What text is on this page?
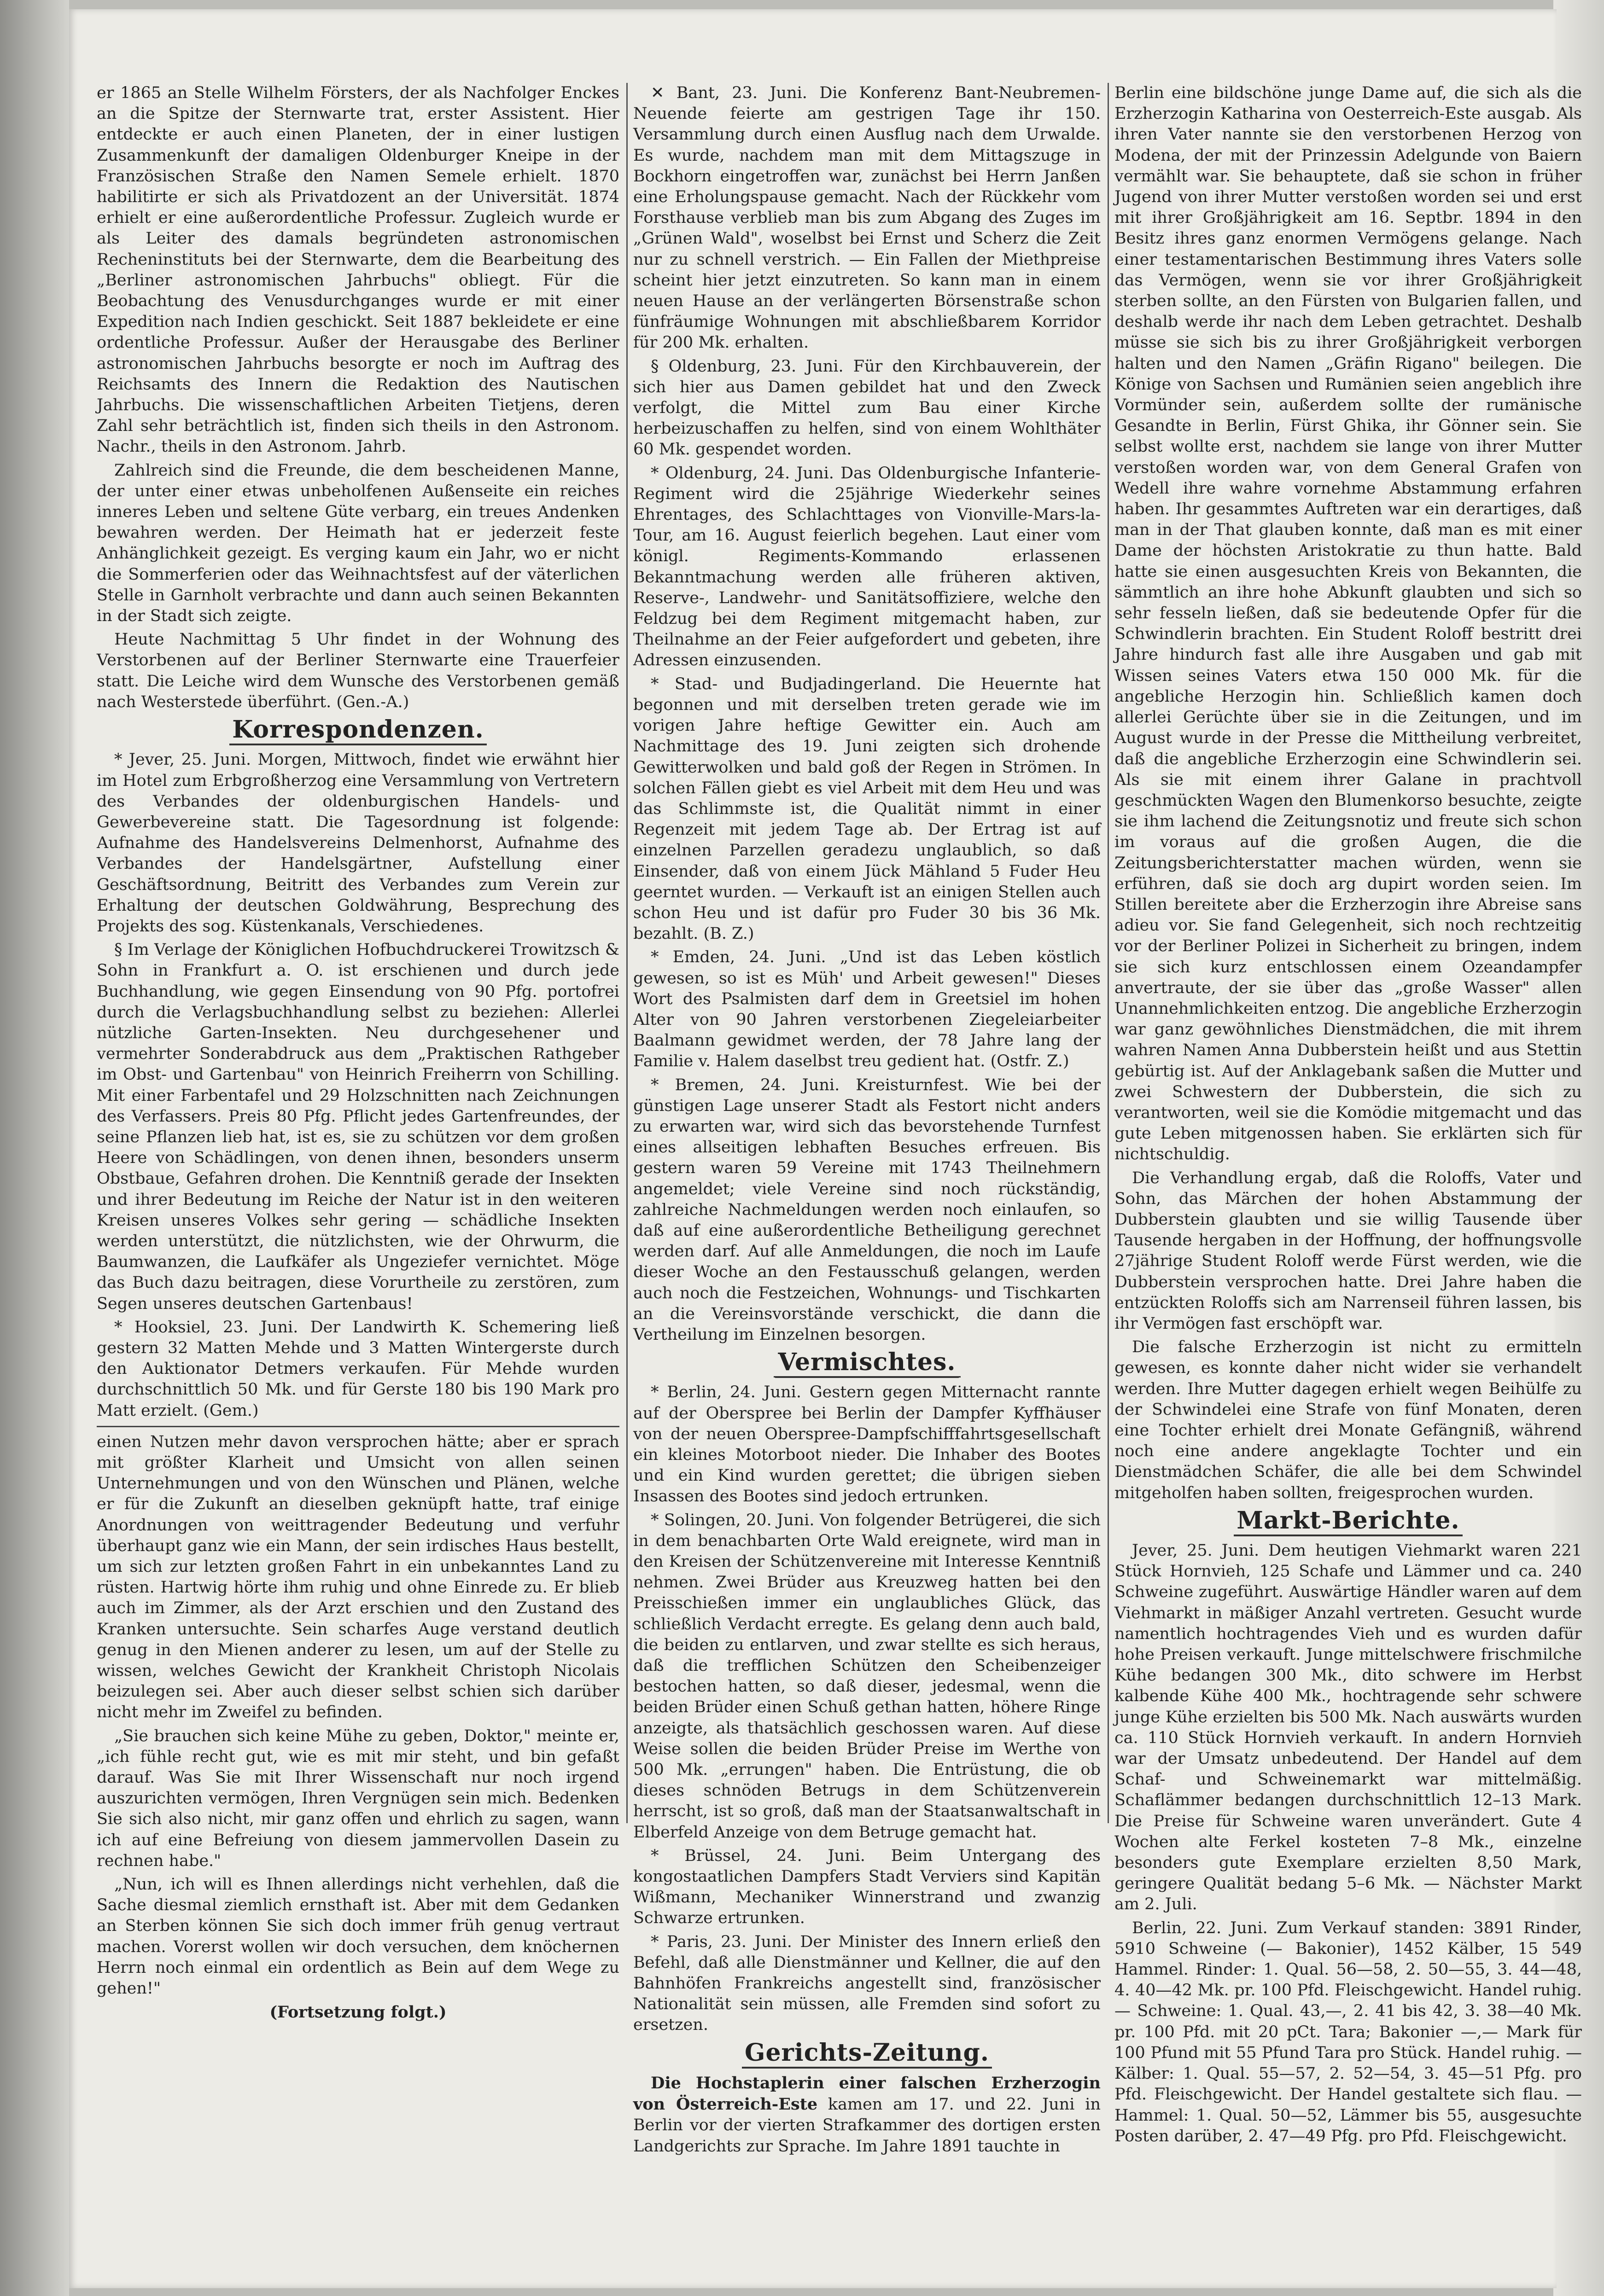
er 1865 an Stelle Wilhelm Försters, der als Nachfolger Enckes an die Spitze der Sternwarte trat, erster Assistent. Hier entdeckte er auch einen Planeten, der in einer lustigen Zusammenkunft der damaligen Oldenburger Kneipe in der Französischen Straße den Namen Semele erhielt. 1870 habilitirte er sich als Privatdozent an der Universität. 1874 erhielt er eine außerordentliche Professur. Zugleich wurde er als Leiter des damals begründeten astronomischen Recheninstituts bei der Sternwarte, dem die Bearbeitung des „Berliner astronomischen Jahrbuchs" obliegt. Für die Beobachtung des Venusdurchganges wurde er mit einer Expedition nach Indien geschickt. Seit 1887 bekleidete er eine ordentliche Professur. Außer der Herausgabe des Berliner astronomischen Jahrbuchs besorgte er noch im Auftrag des Reichsamts des Innern die Redaktion des Nautischen Jahrbuchs. Die wissenschaftlichen Arbeiten Tietjens, deren Zahl sehr beträchtlich ist, finden sich theils in den Astronom. Nachr., theils in den Astronom. Jahrb.

Zahlreich sind die Freunde, die dem bescheidenen Manne, der unter einer etwas unbeholfenen Außenseite ein reiches inneres Leben und seltene Güte verbarg, ein treues Andenken bewahren werden. Der Heimath hat er jederzeit feste Anhänglichkeit gezeigt. Es verging kaum ein Jahr, wo er nicht die Sommerferien oder das Weihnachtsfest auf der väterlichen Stelle in Garnholt verbrachte und dann auch seinen Bekannten in der Stadt sich zeigte.

Heute Nachmittag 5 Uhr findet in der Wohnung des Verstorbenen auf der Berliner Sternwarte eine Trauerfeier statt. Die Leiche wird dem Wunsche des Verstorbenen gemäß nach Westerstede überführt. (Gen.-A.)

Korrespondenzen.

* Jever, 25. Juni. Morgen, Mittwoch, findet wie erwähnt hier im Hotel zum Erbgroßherzog eine Versammlung von Vertretern des Verbandes der oldenburgischen Handels- und Gewerbevereine statt. Die Tagesordnung ist folgende: Aufnahme des Handelsvereins Delmenhorst, Aufnahme des Verbandes der Handelsgärtner, Aufstellung einer Geschäftsordnung, Beitritt des Verbandes zum Verein zur Erhaltung der deutschen Goldwährung, Besprechung des Projekts des sog. Küstenkanals, Verschiedenes.

§ Im Verlage der Königlichen Hofbuchdruckerei Trowitzsch & Sohn in Frankfurt a. O. ist erschienen und durch jede Buchhandlung, wie gegen Einsendung von 90 Pfg. portofrei durch die Verlagsbuchhandlung selbst zu beziehen: Allerlei nützliche Garten-Insekten. Neu durchgesehener und vermehrter Sonderabdruck aus dem „Praktischen Rathgeber im Obst- und Gartenbau" von Heinrich Freiherrn von Schilling. Mit einer Farbentafel und 29 Holzschnitten nach Zeichnungen des Verfassers. Preis 80 Pfg. Pflicht jedes Gartenfreundes, der seine Pflanzen lieb hat, ist es, sie zu schützen vor dem großen Heere von Schädlingen, von denen ihnen, besonders unserm Obstbaue, Gefahren drohen. Die Kenntniß gerade der Insekten und ihrer Bedeutung im Reiche der Natur ist in den weiteren Kreisen unseres Volkes sehr gering — schädliche Insekten werden unterstützt, die nützlichsten, wie der Ohrwurm, die Baumwanzen, die Laufkäfer als Ungeziefer vernichtet. Möge das Buch dazu beitragen, diese Vorurtheile zu zerstören, zum Segen unseres deutschen Gartenbaus!

* Hooksiel, 23. Juni. Der Landwirth K. Schemering ließ gestern 32 Matten Mehde und 3 Matten Wintergerste durch den Auktionator Detmers verkaufen. Für Mehde wurden durchschnittlich 50 Mk. und für Gerste 180 bis 190 Mark pro Matt erzielt. (Gem.)

einen Nutzen mehr davon versprochen hätte; aber er sprach mit größter Klarheit und Umsicht von allen seinen Unternehmungen und von den Wünschen und Plänen, welche er für die Zukunft an dieselben geknüpft hatte, traf einige Anordnungen von weittragender Bedeutung und verfuhr überhaupt ganz wie ein Mann, der sein irdisches Haus bestellt, um sich zur letzten großen Fahrt in ein unbekanntes Land zu rüsten. Hartwig hörte ihm ruhig und ohne Einrede zu. Er blieb auch im Zimmer, als der Arzt erschien und den Zustand des Kranken untersuchte. Sein scharfes Auge verstand deutlich genug in den Mienen anderer zu lesen, um auf der Stelle zu wissen, welches Gewicht der Krankheit Christoph Nicolais beizulegen sei. Aber auch dieser selbst schien sich darüber nicht mehr im Zweifel zu befinden.

„Sie brauchen sich keine Mühe zu geben, Doktor," meinte er, „ich fühle recht gut, wie es mit mir steht, und bin gefaßt darauf. Was Sie mit Ihrer Wissenschaft nur noch irgend auszurichten vermögen, Ihren Vergnügen sein mich. Bedenken Sie sich also nicht, mir ganz offen und ehrlich zu sagen, wann ich auf eine Befreiung von diesem jammervollen Dasein zu rechnen habe."

„Nun, ich will es Ihnen allerdings nicht verhehlen, daß die Sache diesmal ziemlich ernsthaft ist. Aber mit dem Gedanken an Sterben können Sie sich doch immer früh genug vertraut machen. Vorerst wollen wir doch versuchen, dem knöchernen Herrn noch einmal ein ordentlich as Bein auf dem Wege zu gehen!"

(Fortsetzung folgt.)

✕ Bant, 23. Juni. Die Konferenz Bant-Neubremen-Neuende feierte am gestrigen Tage ihr 150. Versammlung durch einen Ausflug nach dem Urwalde. Es wurde, nachdem man mit dem Mittagszuge in Bockhorn eingetroffen war, zunächst bei Herrn Janßen eine Erholungspause gemacht. Nach der Rückkehr vom Forsthause verblieb man bis zum Abgang des Zuges im „Grünen Wald", woselbst bei Ernst und Scherz die Zeit nur zu schnell verstrich. — Ein Fallen der Miethpreise scheint hier jetzt einzutreten. So kann man in einem neuen Hause an der verlängerten Börsenstraße schon fünfräumige Wohnungen mit abschließbarem Korridor für 200 Mk. erhalten.

§ Oldenburg, 23. Juni. Für den Kirchbauverein, der sich hier aus Damen gebildet hat und den Zweck verfolgt, die Mittel zum Bau einer Kirche herbeizuschaffen zu helfen, sind von einem Wohlthäter 60 Mk. gespendet worden.

* Oldenburg, 24. Juni. Das Oldenburgische Infanterie-Regiment wird die 25jährige Wiederkehr seines Ehrentages, des Schlachttages von Vionville-Mars-la-Tour, am 16. August feierlich begehen. Laut einer vom königl. Regiments-Kommando erlassenen Bekanntmachung werden alle früheren aktiven, Reserve-, Landwehr- und Sanitätsoffiziere, welche den Feldzug bei dem Regiment mitgemacht haben, zur Theilnahme an der Feier aufgefordert und gebeten, ihre Adressen einzusenden.

* Stad- und Budjadingerland. Die Heuernte hat begonnen und mit derselben treten gerade wie im vorigen Jahre heftige Gewitter ein. Auch am Nachmittage des 19. Juni zeigten sich drohende Gewitterwolken und bald goß der Regen in Strömen. In solchen Fällen giebt es viel Arbeit mit dem Heu und was das Schlimmste ist, die Qualität nimmt in einer Regenzeit mit jedem Tage ab. Der Ertrag ist auf einzelnen Parzellen geradezu unglaublich, so daß Einsender, daß von einem Jück Mähland 5 Fuder Heu geerntet wurden. — Verkauft ist an einigen Stellen auch schon Heu und ist dafür pro Fuder 30 bis 36 Mk. bezahlt. (B. Z.)

* Emden, 24. Juni. „Und ist das Leben köstlich gewesen, so ist es Müh' und Arbeit gewesen!" Dieses Wort des Psalmisten darf dem in Greetsiel im hohen Alter von 90 Jahren verstorbenen Ziegeleiarbeiter Baalmann gewidmet werden, der 78 Jahre lang der Familie v. Halem daselbst treu gedient hat. (Ostfr. Z.)

* Bremen, 24. Juni. Kreisturnfest. Wie bei der günstigen Lage unserer Stadt als Festort nicht anders zu erwarten war, wird sich das bevorstehende Turnfest eines allseitigen lebhaften Besuches erfreuen. Bis gestern waren 59 Vereine mit 1743 Theilnehmern angemeldet; viele Vereine sind noch rückständig, zahlreiche Nachmeldungen werden noch einlaufen, so daß auf eine außerordentliche Betheiligung gerechnet werden darf. Auf alle Anmeldungen, die noch im Laufe dieser Woche an den Festausschuß gelangen, werden auch noch die Festzeichen, Wohnungs- und Tischkarten an die Vereinsvorstände verschickt, die dann die Vertheilung im Einzelnen besorgen.

Vermischtes.

* Berlin, 24. Juni. Gestern gegen Mitternacht rannte auf der Oberspree bei Berlin der Dampfer Kyffhäuser von der neuen Oberspree-Dampfschifffahrtsgesellschaft ein kleines Motorboot nieder. Die Inhaber des Bootes und ein Kind wurden gerettet; die übrigen sieben Insassen des Bootes sind jedoch ertrunken.

* Solingen, 20. Juni. Von folgender Betrügerei, die sich in dem benachbarten Orte Wald ereignete, wird man in den Kreisen der Schützenvereine mit Interesse Kenntniß nehmen. Zwei Brüder aus Kreuzweg hatten bei den Preisschießen immer ein unglaubliches Glück, das schließlich Verdacht erregte. Es gelang denn auch bald, die beiden zu entlarven, und zwar stellte es sich heraus, daß die trefflichen Schützen den Scheibenzeiger bestochen hatten, so daß dieser, jedesmal, wenn die beiden Brüder einen Schuß gethan hatten, höhere Ringe anzeigte, als thatsächlich geschossen waren. Auf diese Weise sollen die beiden Brüder Preise im Werthe von 500 Mk. „errungen" haben. Die Entrüstung, die ob dieses schnöden Betrugs in dem Schützenverein herrscht, ist so groß, daß man der Staatsanwaltschaft in Elberfeld Anzeige von dem Betruge gemacht hat.

* Brüssel, 24. Juni. Beim Untergang des kongostaatlichen Dampfers Stadt Verviers sind Kapitän Wißmann, Mechaniker Winnerstrand und zwanzig Schwarze ertrunken.

* Paris, 23. Juni. Der Minister des Innern erließ den Befehl, daß alle Dienstmänner und Kellner, die auf den Bahnhöfen Frankreichs angestellt sind, französischer Nationalität sein müssen, alle Fremden sind sofort zu ersetzen.

Gerichts-Zeitung.

Die Hochstaplerin einer falschen Erzherzogin von Österreich-Este kamen am 17. und 22. Juni in Berlin vor der vierten Strafkammer des dortigen ersten Landgerichts zur Sprache. Im Jahre 1891 tauchte in

Berlin eine bildschöne junge Dame auf, die sich als die Erzherzogin Katharina von Oesterreich-Este ausgab. Als ihren Vater nannte sie den verstorbenen Herzog von Modena, der mit der Prinzessin Adelgunde von Baiern vermählt war. Sie behauptete, daß sie schon in früher Jugend von ihrer Mutter verstoßen worden sei und erst mit ihrer Großjährigkeit am 16. Septbr. 1894 in den Besitz ihres ganz enormen Vermögens gelange. Nach einer testamentarischen Bestimmung ihres Vaters solle das Vermögen, wenn sie vor ihrer Großjährigkeit sterben sollte, an den Fürsten von Bulgarien fallen, und deshalb werde ihr nach dem Leben getrachtet. Deshalb müsse sie sich bis zu ihrer Großjährigkeit verborgen halten und den Namen „Gräfin Rigano" beilegen. Die Könige von Sachsen und Rumänien seien angeblich ihre Vormünder sein, außerdem sollte der rumänische Gesandte in Berlin, Fürst Ghika, ihr Gönner sein. Sie selbst wollte erst, nachdem sie lange von ihrer Mutter verstoßen worden war, von dem General Grafen von Wedell ihre wahre vornehme Abstammung erfahren haben. Ihr gesammtes Auftreten war ein derartiges, daß man in der That glauben konnte, daß man es mit einer Dame der höchsten Aristokratie zu thun hatte. Bald hatte sie einen ausgesuchten Kreis von Bekannten, die sämmtlich an ihre hohe Abkunft glaubten und sich so sehr fesseln ließen, daß sie bedeutende Opfer für die Schwindlerin brachten. Ein Student Roloff bestritt drei Jahre hindurch fast alle ihre Ausgaben und gab mit Wissen seines Vaters etwa 150 000 Mk. für die angebliche Herzogin hin. Schließlich kamen doch allerlei Gerüchte über sie in die Zeitungen, und im August wurde in der Presse die Mittheilung verbreitet, daß die angebliche Erzherzogin eine Schwindlerin sei. Als sie mit einem ihrer Galane in prachtvoll geschmückten Wagen den Blumenkorso besuchte, zeigte sie ihm lachend die Zeitungsnotiz und freute sich schon im voraus auf die großen Augen, die die Zeitungsberichterstatter machen würden, wenn sie erführen, daß sie doch arg dupirt worden seien. Im Stillen bereitete aber die Erzherzogin ihre Abreise sans adieu vor. Sie fand Gelegenheit, sich noch rechtzeitig vor der Berliner Polizei in Sicherheit zu bringen, indem sie sich kurz entschlossen einem Ozeandampfer anvertraute, der sie über das „große Wasser" allen Unannehmlichkeiten entzog. Die angebliche Erzherzogin war ganz gewöhnliches Dienstmädchen, die mit ihrem wahren Namen Anna Dubberstein heißt und aus Stettin gebürtig ist. Auf der Anklagebank saßen die Mutter und zwei Schwestern der Dubberstein, die sich zu verantworten, weil sie die Komödie mitgemacht und das gute Leben mitgenossen haben. Sie erklärten sich für nichtschuldig.

Die Verhandlung ergab, daß die Roloffs, Vater und Sohn, das Märchen der hohen Abstammung der Dubberstein glaubten und sie willig Tausende über Tausende hergaben in der Hoffnung, der hoffnungsvolle 27jährige Student Roloff werde Fürst werden, wie die Dubberstein versprochen hatte. Drei Jahre haben die entzückten Roloffs sich am Narrenseil führen lassen, bis ihr Vermögen fast erschöpft war.

Die falsche Erzherzogin ist nicht zu ermitteln gewesen, es konnte daher nicht wider sie verhandelt werden. Ihre Mutter dagegen erhielt wegen Beihülfe zu der Schwindelei eine Strafe von fünf Monaten, deren eine Tochter erhielt drei Monate Gefängniß, während noch eine andere angeklagte Tochter und ein Dienstmädchen Schäfer, die alle bei dem Schwindel mitgeholfen haben sollten, freigesprochen wurden.

Markt-Berichte.

Jever, 25. Juni. Dem heutigen Viehmarkt waren 221 Stück Hornvieh, 125 Schafe und Lämmer und ca. 240 Schweine zugeführt. Auswärtige Händler waren auf dem Viehmarkt in mäßiger Anzahl vertreten. Gesucht wurde namentlich hochtragendes Vieh und es wurden dafür hohe Preisen verkauft. Junge mittelschwere frischmilche Kühe bedangen 300 Mk., dito schwere im Herbst kalbende Kühe 400 Mk., hochtragende sehr schwere junge Kühe erzielten bis 500 Mk. Nach auswärts wurden ca. 110 Stück Hornvieh verkauft. In andern Hornvieh war der Umsatz unbedeutend. Der Handel auf dem Schaf- und Schweinemarkt war mittelmäßig. Schaflämmer bedangen durchschnittlich 12–13 Mark. Die Preise für Schweine waren unverändert. Gute 4 Wochen alte Ferkel kosteten 7–8 Mk., einzelne besonders gute Exemplare erzielten 8,50 Mark, geringere Qualität bedang 5–6 Mk. — Nächster Markt am 2. Juli.

Berlin, 22. Juni. Zum Verkauf standen: 3891 Rinder, 5910 Schweine (— Bakonier), 1452 Kälber, 15 549 Hammel. Rinder: 1. Qual. 56—58, 2. 50—55, 3. 44—48, 4. 40—42 Mk. pr. 100 Pfd. Fleischgewicht. Handel ruhig. — Schweine: 1. Qual. 43,—, 2. 41 bis 42, 3. 38—40 Mk. pr. 100 Pfd. mit 20 pCt. Tara; Bakonier —,— Mark für 100 Pfund mit 55 Pfund Tara pro Stück. Handel ruhig. — Kälber: 1. Qual. 55—57, 2. 52—54, 3. 45—51 Pfg. pro Pfd. Fleischgewicht. Der Handel gestaltete sich flau. — Hammel: 1. Qual. 50—52, Lämmer bis 55, ausgesuchte Posten darüber, 2. 47—49 Pfg. pro Pfd. Fleischgewicht.
